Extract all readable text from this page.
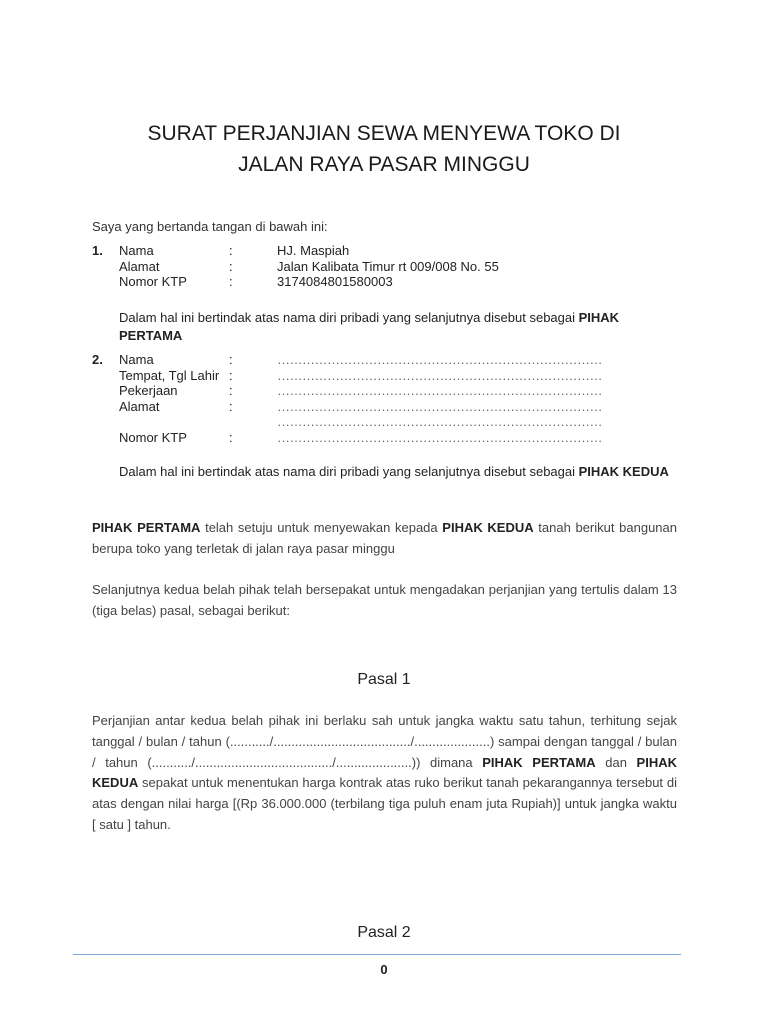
SURAT PERJANJIAN SEWA MENYEWA TOKO DI
JALAN RAYA PASAR MINGGU
Saya yang bertanda tangan di bawah ini:
1.	Nama	:	HJ. Maspiah
Alamat	:	Jalan Kalibata Timur rt 009/008 No. 55
Nomor KTP	:	3174084801580003
Dalam hal ini bertindak atas nama diri pribadi yang selanjutnya disebut sebagai PIHAK PERTAMA
2.	Nama	:	……………………………………………………………………
Tempat, Tgl Lahir :	……………………………………………………………………
Pekerjaan	:	……………………………………………………………………
Alamat	:	……………………………………………………………………
……………………………………………………………………
Nomor KTP	:	……………………………………………………………………
Dalam hal ini bertindak atas nama diri pribadi yang selanjutnya disebut sebagai PIHAK KEDUA
PIHAK PERTAMA telah setuju untuk menyewakan kepada PIHAK KEDUA tanah berikut bangunan berupa toko yang terletak di jalan raya pasar minggu
Selanjutnya kedua belah pihak telah bersepakat untuk mengadakan perjanjian yang tertulis dalam 13 (tiga belas) pasal, sebagai berikut:
Pasal 1
Perjanjian antar kedua belah pihak ini berlaku sah untuk jangka waktu satu tahun, terhitung sejak tanggal / bulan / tahun (.........../....................................../.....................) sampai dengan tanggal / bulan / tahun (.........../....................................../.....................)) dimana PIHAK PERTAMA dan PIHAK KEDUA sepakat untuk menentukan harga kontrak atas ruko berikut tanah pekarangannya tersebut di atas dengan nilai harga [(Rp 36.000.000 (terbilang tiga puluh enam juta Rupiah)] untuk jangka waktu [ satu ] tahun.
Pasal 2
0
